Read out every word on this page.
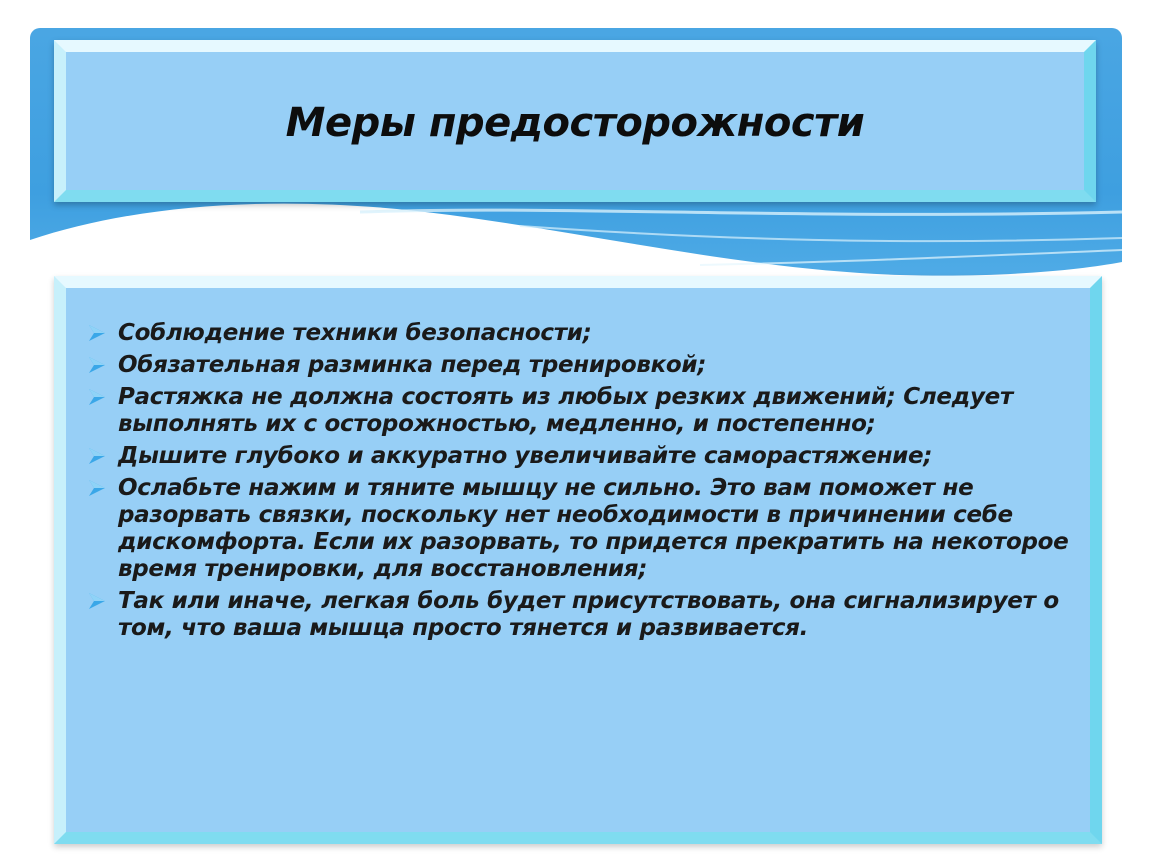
Меры предосторожности
Соблюдение техники безопасности;
Обязательная разминка перед тренировкой;
Растяжка не должна состоять из любых резких движений; Следует выполнять их с осторожностью, медленно, и постепенно;
Дышите глубоко и аккуратно увеличивайте саморастяжение;
Ослабьте нажим и тяните мышцу не сильно. Это вам поможет не разорвать связки, поскольку нет необходимости в причинении себе дискомфорта. Если их разорвать, то придется прекратить на некоторое время тренировки, для восстановления;
Так или иначе, легкая боль будет присутствовать, она сигнализирует о том, что ваша мышца просто тянется и развивается.
